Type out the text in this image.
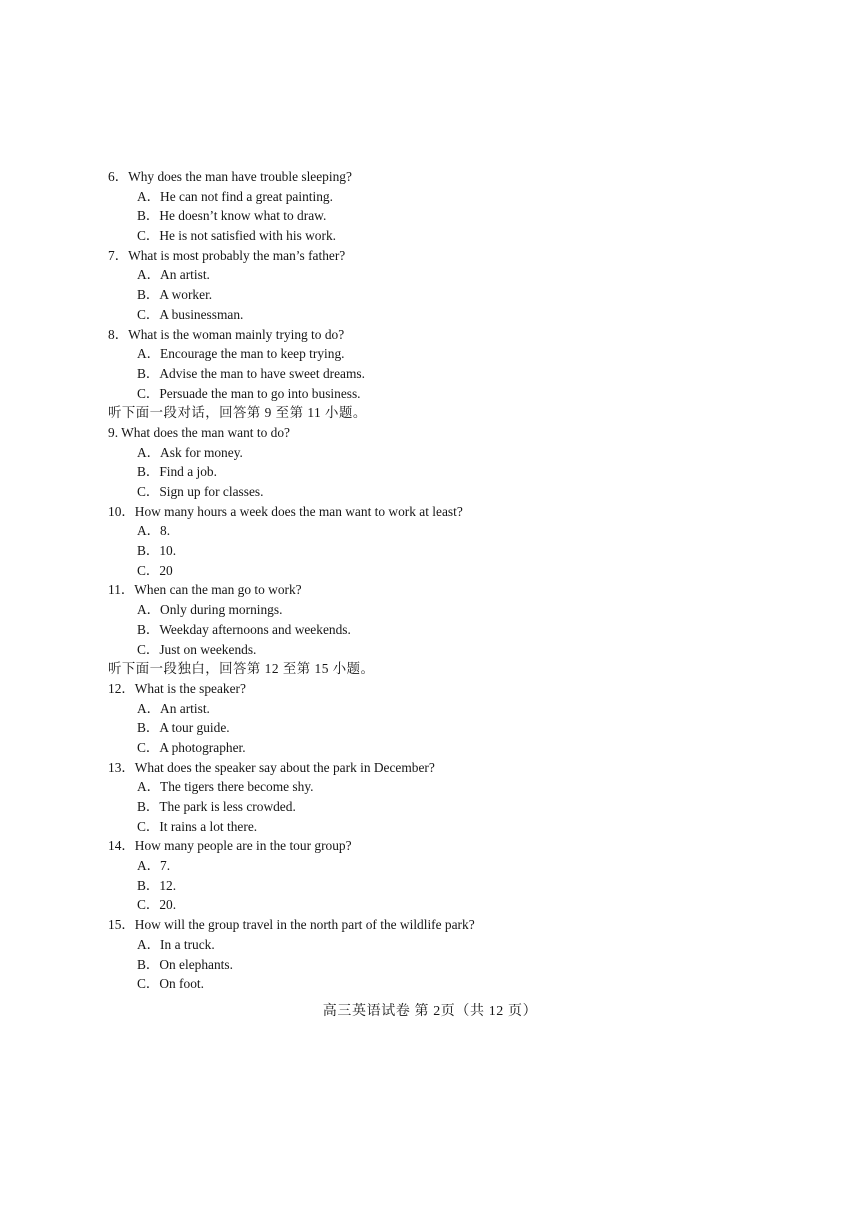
6．Why does the man have trouble sleeping?
A．He can not find a great painting.
B．He doesn’t know what to draw.
C．He is not satisfied with his work.
7．What is most probably the man’s father?
A．An artist.
B．A worker.
C．A businessman.
8．What is the woman mainly trying to do?
A．Encourage the man to keep trying.
B．Advise the man to have sweet dreams.
C．Persuade the man to go into business.
听下面一段对话，回答第 9 至第 11 小题。
9. What does the man want to do?
A．Ask for money.
B．Find a job.
C．Sign up for classes.
10．How many hours a week does the man want to work at least?
A．8.
B．10.
C．20
11．When can the man go to work?
A．Only during mornings.
B．Weekday afternoons and weekends.
C．Just on weekends.
听下面一段独白，回答第 12 至第 15 小题。
12．What is the speaker?
A．An artist.
B．A tour guide.
C．A photographer.
13．What does the speaker say about the park in December?
A．The tigers there become shy.
B．The park is less crowded.
C．It rains a lot there.
14．How many people are in the tour group?
A．7.
B．12.
C．20.
15．How will the group travel in the north part of the wildlife park?
A．In a truck.
B．On elephants.
C．On foot.
高三英语试卷 第 2页（共 12 页）
